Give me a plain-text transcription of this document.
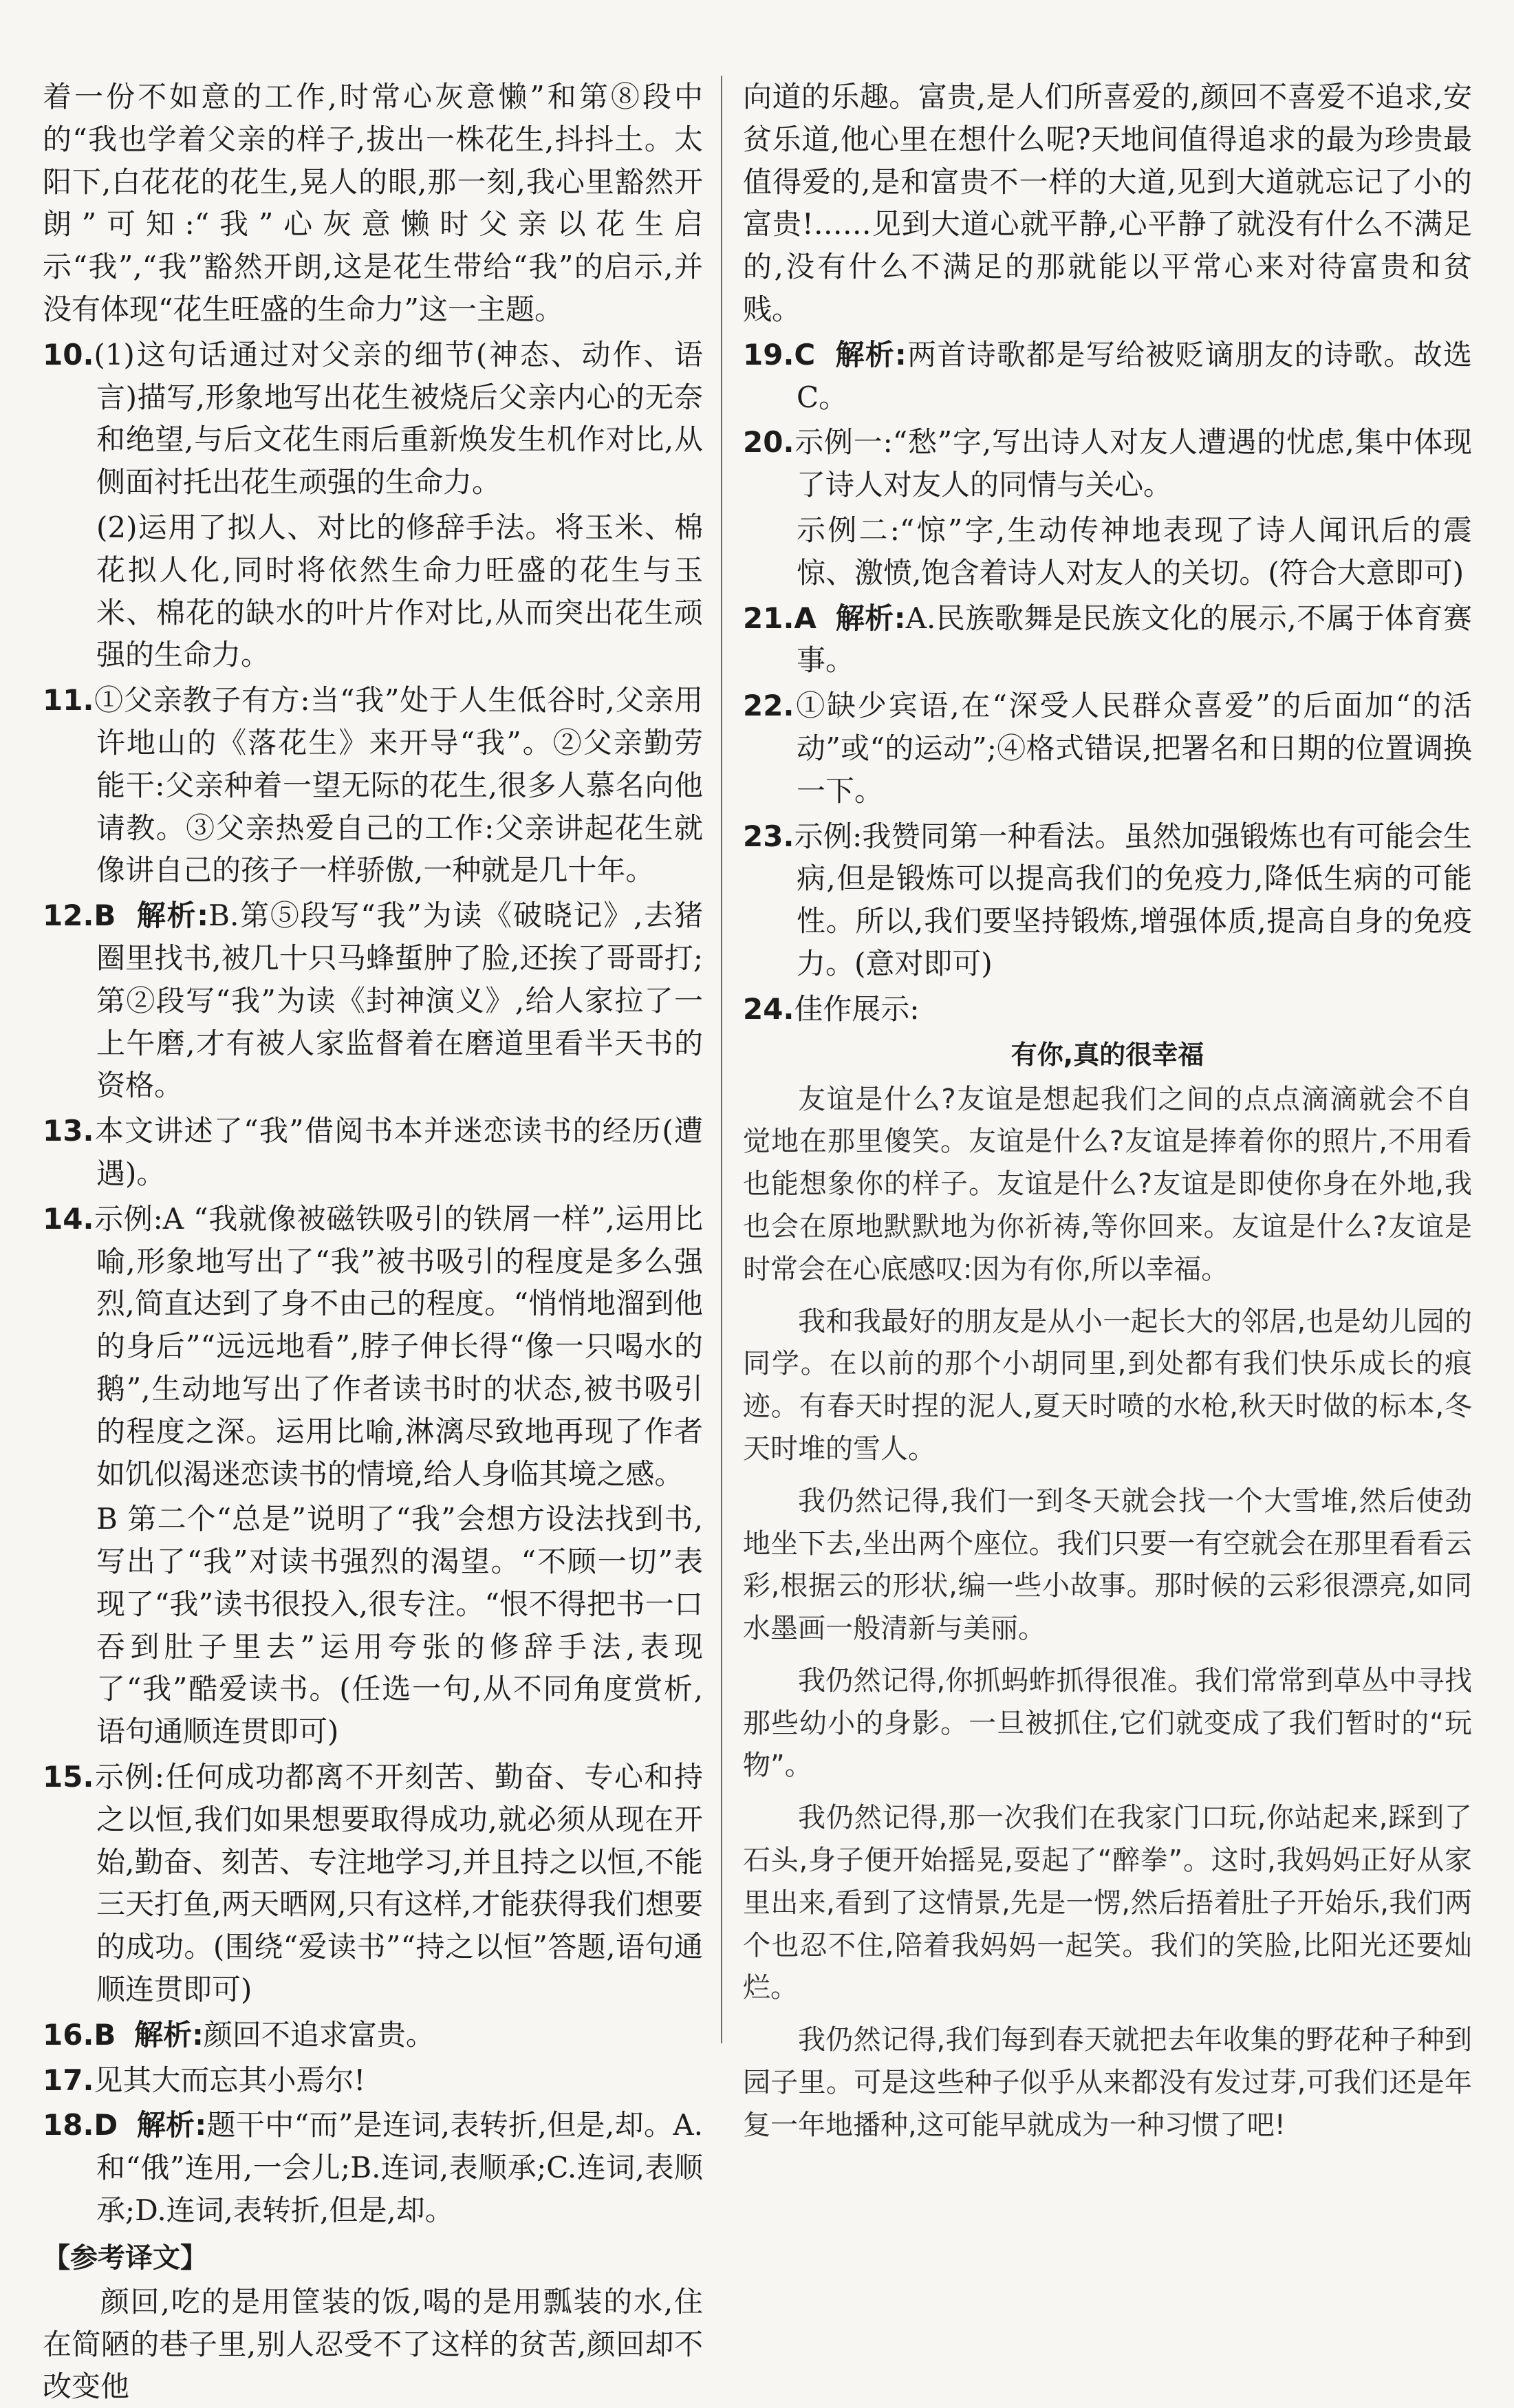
着一份不如意的工作,时常心灰意懒”和第⑧段中的“我也学着父亲的样子,拔出一株花生,抖抖土。太阳下,白花花的花生,晃人的眼,那一刻,我心里豁然开朗”可知:“我”心灰意懒时父亲以花生启示“我”,“我”豁然开朗,这是花生带给“我”的启示,并没有体现“花生旺盛的生命力”这一主题。

10.(1)这句话通过对父亲的细节(神态、动作、语言)描写,形象地写出花生被烧后父亲内心的无奈和绝望,与后文花生雨后重新焕发生机作对比,从侧面衬托出花生顽强的生命力。
(2)运用了拟人、对比的修辞手法。将玉米、棉花拟人化,同时将依然生命力旺盛的花生与玉米、棉花的缺水的叶片作对比,从而突出花生顽强的生命力。
11.①父亲教子有方:当“我”处于人生低谷时,父亲用许地山的《落花生》来开导“我”。②父亲勤劳能干:父亲种着一望无际的花生,很多人慕名向他请教。③父亲热爱自己的工作:父亲讲起花生就像讲自己的孩子一样骄傲,一种就是几十年。
12.B 解析:B.第⑤段写“我”为读《破晓记》,去猪圈里找书,被几十只马蜂蜇肿了脸,还挨了哥哥打;第②段写“我”为读《封神演义》,给人家拉了一上午磨,才有被人家监督着在磨道里看半天书的资格。
13.本文讲述了“我”借阅书本并迷恋读书的经历(遭遇)。
14.示例:A “我就像被磁铁吸引的铁屑一样”,运用比喻,形象地写出了“我”被书吸引的程度是多么强烈,简直达到了身不由己的程度。“悄悄地溜到他的身后”“远远地看”,脖子伸长得“像一只喝水的鹅”,生动地写出了作者读书时的状态,被书吸引的程度之深。运用比喻,淋漓尽致地再现了作者如饥似渴迷恋读书的情境,给人身临其境之感。
B 第二个“总是”说明了“我”会想方设法找到书,写出了“我”对读书强烈的渴望。“不顾一切”表现了“我”读书很投入,很专注。“恨不得把书一口吞到肚子里去”运用夸张的修辞手法,表现了“我”酷爱读书。(任选一句,从不同角度赏析,语句通顺连贯即可)
15.示例:任何成功都离不开刻苦、勤奋、专心和持之以恒,我们如果想要取得成功,就必须从现在开始,勤奋、刻苦、专注地学习,并且持之以恒,不能三天打鱼,两天晒网,只有这样,才能获得我们想要的成功。(围绕“爱读书”“持之以恒”答题,语句通顺连贯即可)
16.B 解析:颜回不追求富贵。
17.见其大而忘其小焉尔!
18.D 解析:题干中“而”是连词,表转折,但是,却。A.和“俄”连用,一会儿;B.连词,表顺承;C.连词,表顺承;D.连词,表转折,但是,却。
【参考译文】

颜回,吃的是用筐装的饭,喝的是用瓢装的水,住在简陋的巷子里,别人忍受不了这样的贫苦,颜回却不改变他

向道的乐趣。富贵,是人们所喜爱的,颜回不喜爱不追求,安贫乐道,他心里在想什么呢?天地间值得追求的最为珍贵最值得爱的,是和富贵不一样的大道,见到大道就忘记了小的富贵!……见到大道心就平静,心平静了就没有什么不满足的,没有什么不满足的那就能以平常心来对待富贵和贫贱。

19.C 解析:两首诗歌都是写给被贬谪朋友的诗歌。故选C。
20.示例一:“愁”字,写出诗人对友人遭遇的忧虑,集中体现了诗人对友人的同情与关心。
示例二:“惊”字,生动传神地表现了诗人闻讯后的震惊、激愤,饱含着诗人对友人的关切。(符合大意即可)
21.A 解析:A.民族歌舞是民族文化的展示,不属于体育赛事。
22.①缺少宾语,在“深受人民群众喜爱”的后面加“的活动”或“的运动”;④格式错误,把署名和日期的位置调换一下。
23.示例:我赞同第一种看法。虽然加强锻炼也有可能会生病,但是锻炼可以提高我们的免疫力,降低生病的可能性。所以,我们要坚持锻炼,增强体质,提高自身的免疫力。(意对即可)
24.佳作展示:
有你,真的很幸福

友谊是什么?友谊是想起我们之间的点点滴滴就会不自觉地在那里傻笑。友谊是什么?友谊是捧着你的照片,不用看也能想象你的样子。友谊是什么?友谊是即使你身在外地,我也会在原地默默地为你祈祷,等你回来。友谊是什么?友谊是时常会在心底感叹:因为有你,所以幸福。

我和我最好的朋友是从小一起长大的邻居,也是幼儿园的同学。在以前的那个小胡同里,到处都有我们快乐成长的痕迹。有春天时捏的泥人,夏天时喷的水枪,秋天时做的标本,冬天时堆的雪人。

我仍然记得,我们一到冬天就会找一个大雪堆,然后使劲地坐下去,坐出两个座位。我们只要一有空就会在那里看看云彩,根据云的形状,编一些小故事。那时候的云彩很漂亮,如同水墨画一般清新与美丽。

我仍然记得,你抓蚂蚱抓得很准。我们常常到草丛中寻找那些幼小的身影。一旦被抓住,它们就变成了我们暂时的“玩物”。

我仍然记得,那一次我们在我家门口玩,你站起来,踩到了石头,身子便开始摇晃,耍起了“醉拳”。这时,我妈妈正好从家里出来,看到了这情景,先是一愣,然后捂着肚子开始乐,我们两个也忍不住,陪着我妈妈一起笑。我们的笑脸,比阳光还要灿烂。

我仍然记得,我们每到春天就把去年收集的野花种子种到园子里。可是这些种子似乎从来都没有发过芽,可我们还是年复一年地播种,这可能早就成为一种习惯了吧!
